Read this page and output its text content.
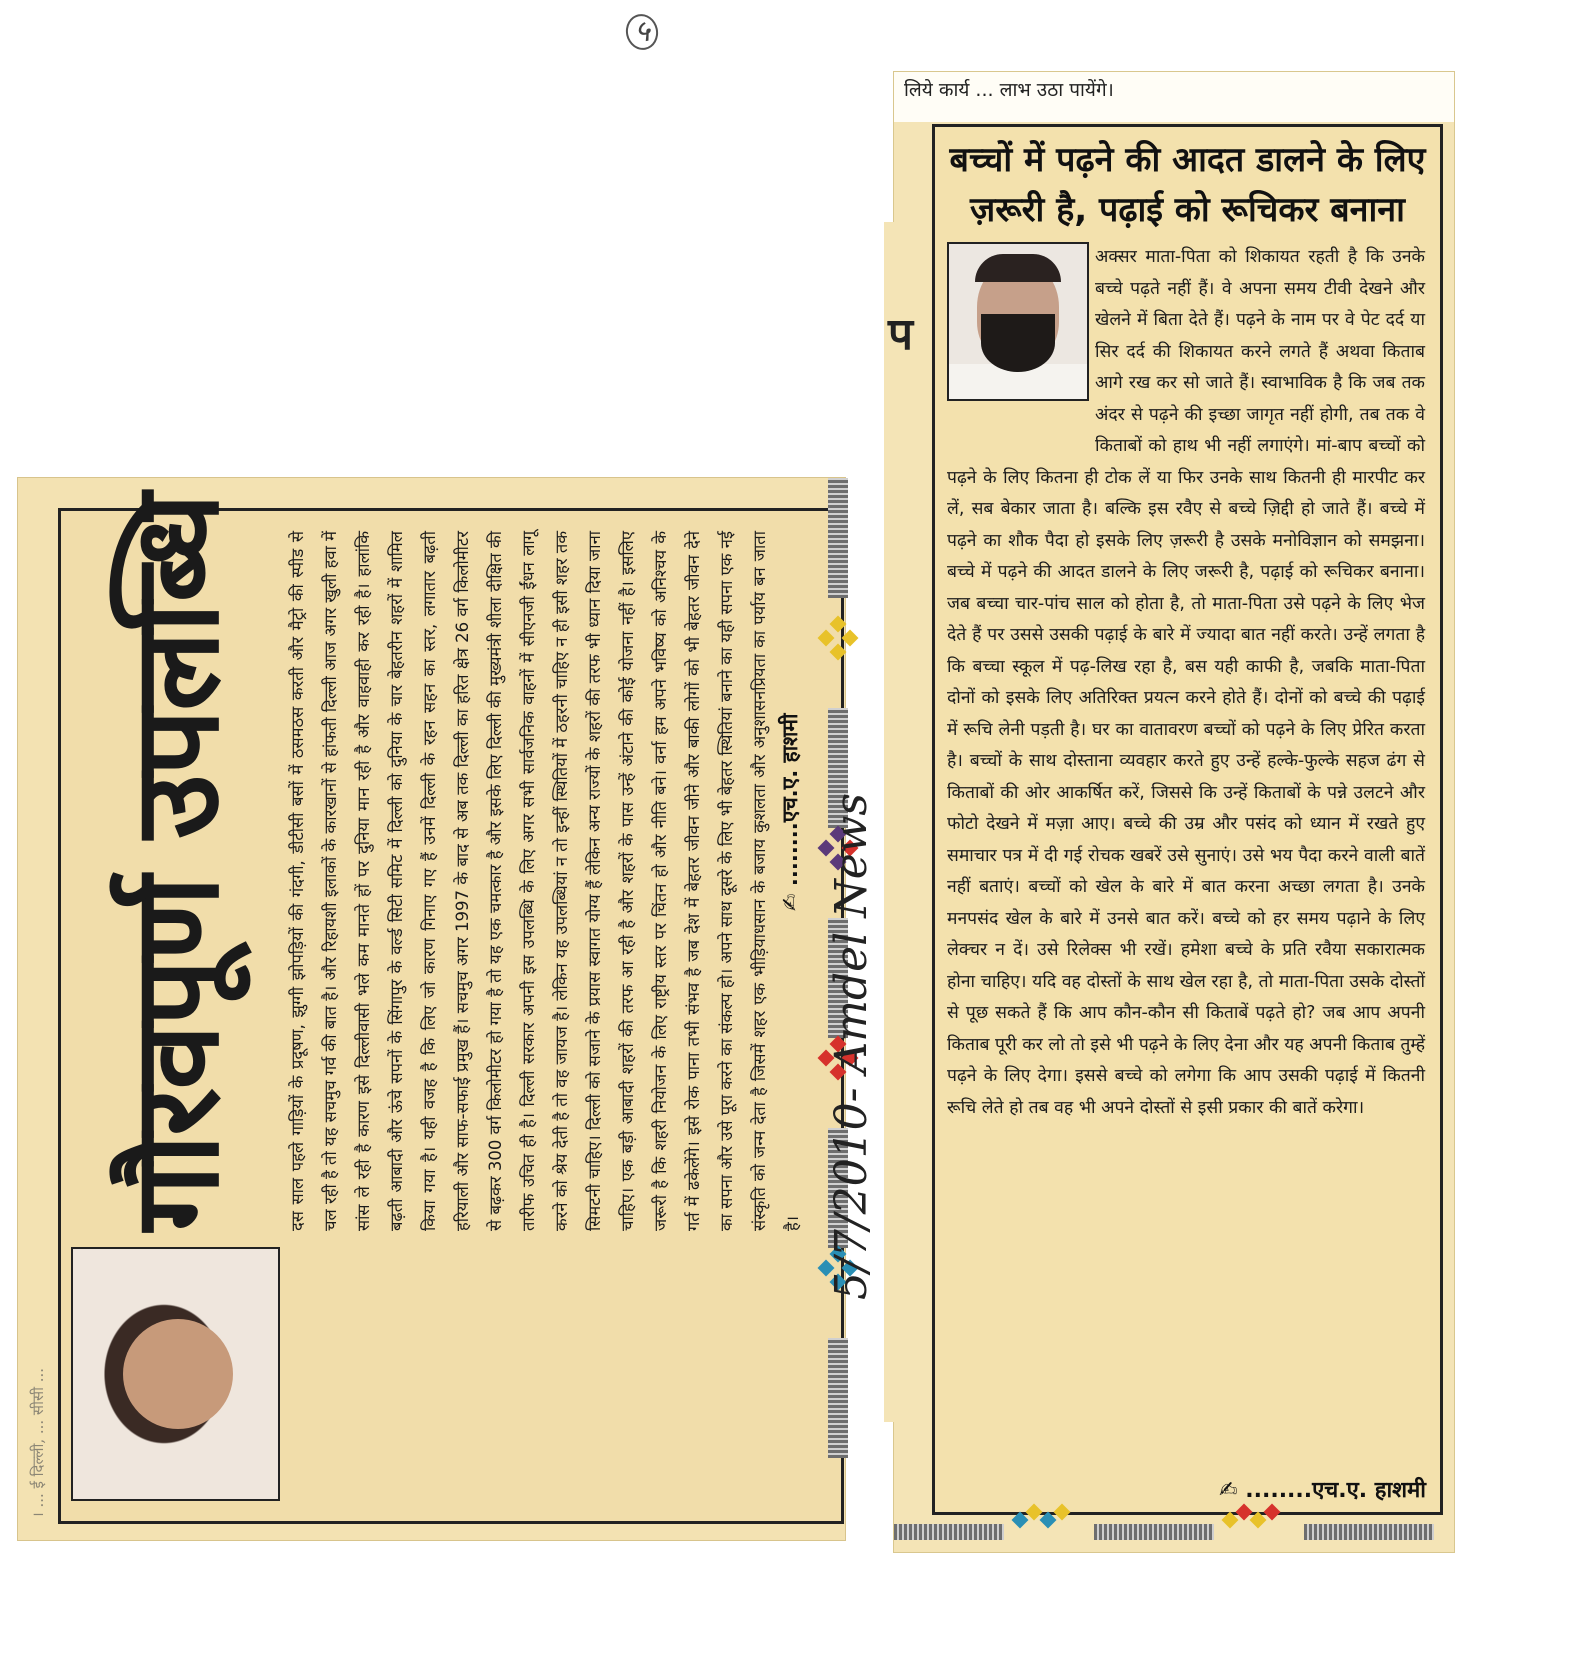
५
। ... ई दिल्ली, ... सीसी ...
गौरवपूर्ण उपलब्धि	दस साल पहले गाड़ियों के प्रदूषण, झुग्गी झोपड़ियों की गंदगी, डीटीसी बसों में ठसमठस करती और मैट्रो की स्पीड से चल रही है तो यह सचमुच गर्व की बात है। और रिहायशी इलाकों के कारखानों से हांफती दिल्ली आज अगर खुली हवा में सांस ले रही है कारण इसे दिल्लीवासी भले कम मानते हों पर दुनिया मान रही है और वाहवाही कर रही है। हालांकि बढ़ती आबादी और ऊंचे सपनों के सिंगापुर के वर्ल्ड सिटी समिट में दिल्ली को दुनिया के चार बेहतरीन शहरों में शामिल किया गया है। यही वजह है कि लिए जो कारण गिनाए गए हैं उनमें दिल्ली के रहन सहन का स्तर, लगातार बढ़ती हरियाली और साफ-सफाई प्रमुख हैं। सचमुच अगर 1997 के बाद से अब तक दिल्ली का हरित क्षेत्र 26 वर्ग किलोमीटर से बढ़कर 300 वर्ग किलोमीटर हो गया है तो यह एक चमत्कार है और इसके लिए दिल्ली की मुख्यमंत्री शीला दीक्षित की तारीफ उचित ही है। दिल्ली सरकार अपनी इस उपलब्धि के लिए अगर सभी सार्वजनिक वाहनों में सीएनजी ईंधन लागू करने को श्रेय देती है तो वह जायज है। लेकिन यह उपलब्धियां न तो इन्हीं स्थितियों में ठहरनी चाहिए न ही इसी शहर तक सिमटनी चाहिए। दिल्ली को सजाने के प्रयास स्वागत योग्य हैं लेकिन अन्य राज्यों के शहरों की तरफ भी ध्यान दिया जाना चाहिए। एक बड़ी आबादी शहरों की तरफ आ रही है और शहरों के पास उन्हें अंटाने की कोई योजना नहीं है। इसलिए जरूरी है कि शहरी नियोजन के लिए राष्ट्रीय स्तर पर चिंतन हो और नीति बने। वर्ना हम अपने भविष्य को अनिश्चय के गर्त में ढकेलेंगे। इसे रोक पाना तभी संभव है जब देश में बेहतर जीवन जीने और बाकी लोगों को भी बेहतर जीवन देने का सपना और उसे पूरा करने का संकल्प हो। अपने साथ दूसरे के लिए भी बेहतर स्थितियां बनाने का यही सपना एक नई संस्कृति को जन्म देता है जिसमें शहर एक भीड़ियाधसान के बजाय कुशलता और अनुशासनप्रियता का पर्याय बन जाता है।
✍ ........एच.ए. हाशमी 5/7/2010- Amdel News
लिये कार्य ... लाभ उठा पायेंगे।
प
बच्चों में पढ़ने की आदत डालने के लिए
ज़रूरी है, पढ़ाई को रूचिकर बनाना
अक्सर माता-पिता को शिकायत रहती है कि उनके बच्चे पढ़ते नहीं हैं। वे अपना समय टीवी देखने और खेलने में बिता देते हैं। पढ़ने के नाम पर वे पेट दर्द या सिर दर्द की शिकायत करने लगते हैं अथवा किताब आगे रख कर सो जाते हैं। स्वाभाविक है कि जब तक अंदर से पढ़ने की इच्छा जागृत नहीं होगी, तब तक वे किताबों को हाथ भी नहीं लगाएंगे। मां-बाप बच्चों को पढ़ने के लिए कितना ही टोक लें या फिर उनके साथ कितनी ही मारपीट कर लें, सब बेकार जाता है। बल्कि इस रवैए से बच्चे ज़िद्दी हो जाते हैं। बच्चे में पढ़ने का शौक पैदा हो इसके लिए ज़रूरी है उसके मनोविज्ञान को समझना। बच्चे में पढ़ने की आदत डालने के लिए जरूरी है, पढ़ाई को रूचिकर बनाना। जब बच्चा चार-पांच साल को होता है, तो माता-पिता उसे पढ़ने के लिए भेज देते हैं पर उससे उसकी पढ़ाई के बारे में ज्यादा बात नहीं करते। उन्हें लगता है कि बच्चा स्कूल में पढ़-लिख रहा है, बस यही काफी है, जबकि माता-पिता दोनों को इसके लिए अतिरिक्त प्रयत्न करने होते हैं। दोनों को बच्चे की पढ़ाई में रूचि लेनी पड़ती है। घर का वातावरण बच्चों को पढ़ने के लिए प्रेरित करता है। बच्चों के साथ दोस्ताना व्यवहार करते हुए उन्हें हल्के-फुल्के सहज ढंग से किताबों की ओर आकर्षित करें, जिससे कि उन्हें किताबों के पन्ने उलटने और फोटो देखने में मज़ा आए। बच्चे की उम्र और पसंद को ध्यान में रखते हुए समाचार पत्र में दी गई रोचक खबरें उसे सुनाएं। उसे भय पैदा करने वाली बातें नहीं बताएं। बच्चों को खेल के बारे में बात करना अच्छा लगता है। उनके मनपसंद खेल के बारे में उनसे बात करें। बच्चे को हर समय पढ़ाने के लिए लेक्चर न दें। उसे रिलेक्स भी रखें। हमेशा बच्चे के प्रति रवैया सकारात्मक होना चाहिए। यदि वह दोस्तों के साथ खेल रहा है, तो माता-पिता उसके दोस्तों से पूछ सकते हैं कि आप कौन-कौन सी किताबें पढ़ते हो? जब आप अपनी किताब पूरी कर लो तो इसे भी पढ़ने के लिए देना और यह अपनी किताब तुम्हें पढ़ने के लिए देगा। इससे बच्चे को लगेगा कि आप उसकी पढ़ाई में कितनी रूचि लेते हो तब वह भी अपने दोस्तों से इसी प्रकार की बातें करेगा।
✍ ........एच.ए. हाशमी
